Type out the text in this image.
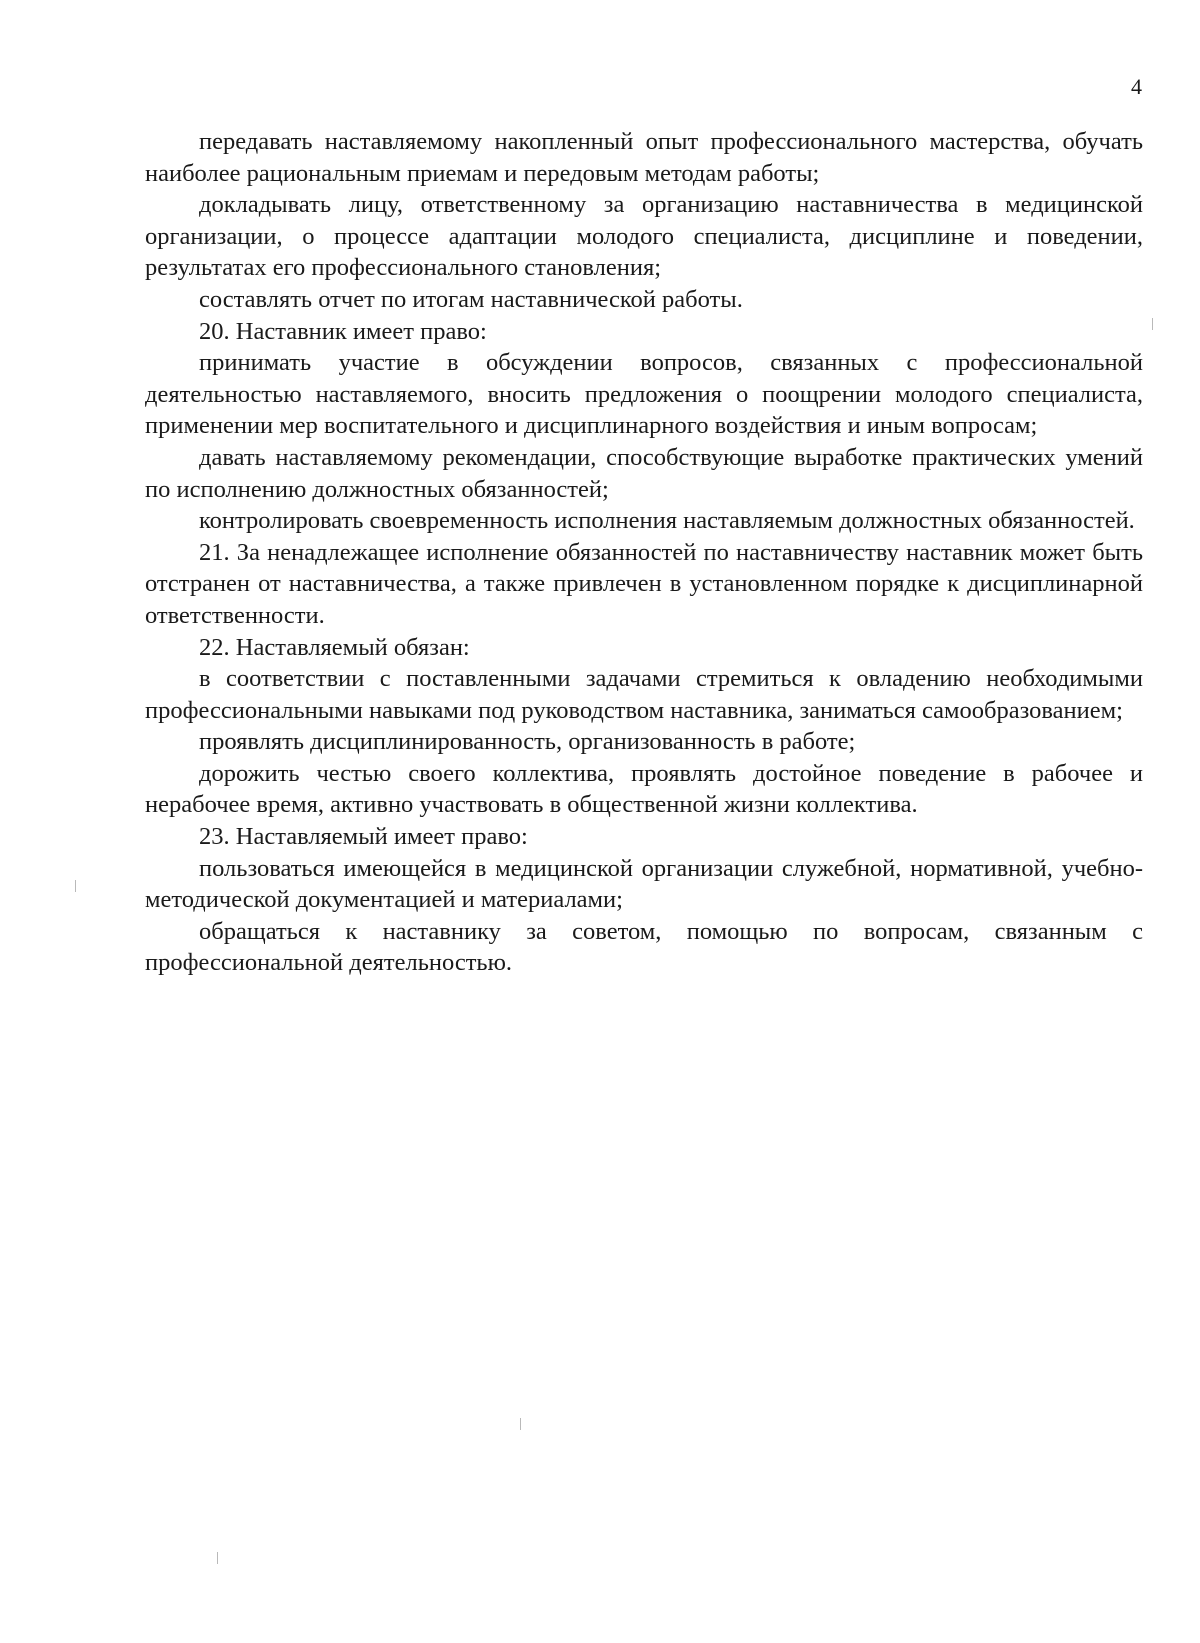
4

передавать наставляемому накопленный опыт профессионального мастерства, обучать наиболее рациональным приемам и передовым методам работы;

докладывать лицу, ответственному за организацию наставничества в медицинской организации, о процессе адаптации молодого специалиста, дисциплине и поведении, результатах его профессионального становления;

составлять отчет по итогам наставнической работы.

20. Наставник имеет право:

принимать участие в обсуждении вопросов, связанных с профессиональной деятельностью наставляемого, вносить предложения о поощрении молодого специалиста, применении мер воспитательного и дисциплинарного воздействия и иным вопросам;

давать наставляемому рекомендации, способствующие выработке практических умений по исполнению должностных обязанностей;

контролировать своевременность исполнения наставляемым должностных обязанностей.

21. За ненадлежащее исполнение обязанностей по наставничеству наставник может быть отстранен от наставничества, а также привлечен в установленном порядке к дисциплинарной ответственности.

22. Наставляемый обязан:

в соответствии с поставленными задачами стремиться к овладению необходимыми профессиональными навыками под руководством наставника, заниматься самообразованием;

проявлять дисциплинированность, организованность в работе;

дорожить честью своего коллектива, проявлять достойное поведение в рабочее и нерабочее время, активно участвовать в общественной жизни коллектива.

23. Наставляемый имеет право:

пользоваться имеющейся в медицинской организации служебной, нормативной, учебно-методической документацией и материалами;

обращаться к наставнику за советом, помощью по вопросам, связанным с профессиональной деятельностью.
